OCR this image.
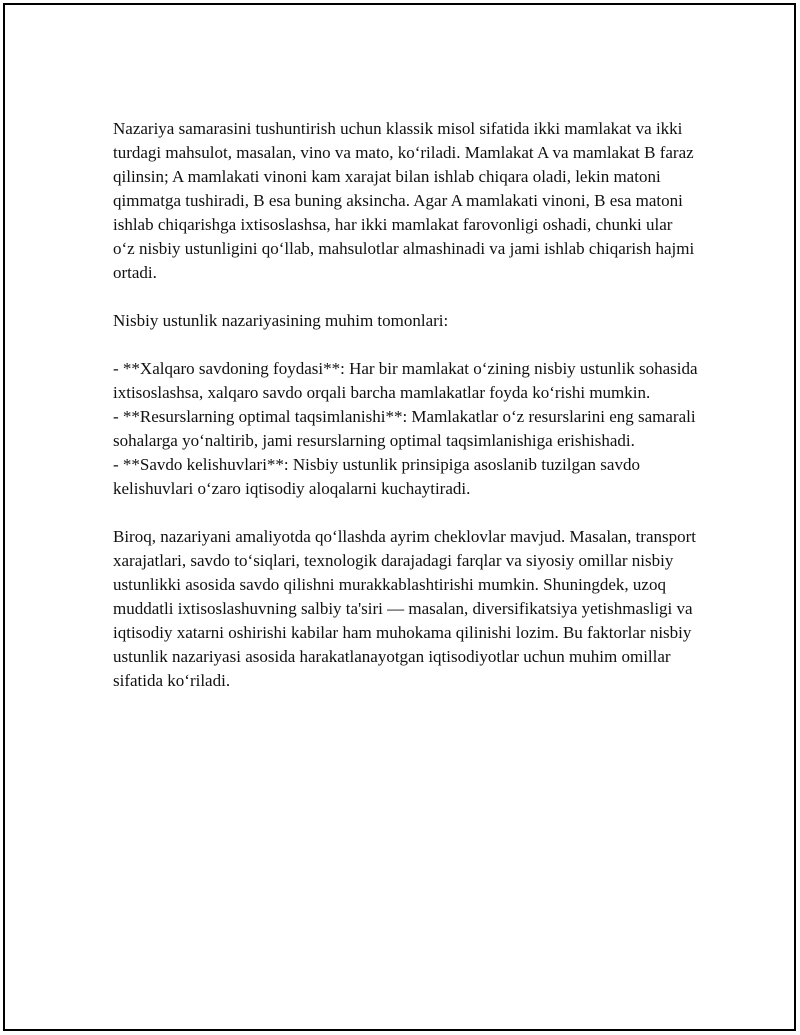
Nazariya samarasini tushuntirish uchun klassik misol sifatida ikki mamlakat va ikki turdagi mahsulot, masalan, vino va mato, koʻriladi. Mamlakat A va mamlakat B faraz qilinsin; A mamlakati vinoni kam xarajat bilan ishlab chiqara oladi, lekin matoni qimmatga tushiradi, B esa buning aksincha. Agar A mamlakati vinoni, B esa matoni ishlab chiqarishga ixtisoslashsa, har ikki mamlakat farovonligi oshadi, chunki ular oʻz nisbiy ustunligini qoʻllab, mahsulotlar almashinadi va jami ishlab chiqarish hajmi ortadi.

Nisbiy ustunlik nazariyasining muhim tomonlari:

- **Xalqaro savdoning foydasi**: Har bir mamlakat oʻzining nisbiy ustunlik sohasida ixtisoslashsa, xalqaro savdo orqali barcha mamlakatlar foyda koʻrishi mumkin.
- **Resurslarning optimal taqsimlanishi**: Mamlakatlar oʻz resurslarini eng samarali sohalarga yoʻnaltirib, jami resurslarning optimal taqsimlanishiga erishishadi.
- **Savdo kelishuvlari**: Nisbiy ustunlik prinsipiga asoslanib tuzilgan savdo kelishuvlari oʻzaro iqtisodiy aloqalarni kuchaytiradi.

Biroq, nazariyani amaliyotda qoʻllashda ayrim cheklovlar mavjud. Masalan, transport xarajatlari, savdo toʻsiqlari, texnologik darajadagi farqlar va siyosiy omillar nisbiy ustunlikki asosida savdo qilishni murakkablashtirishi mumkin. Shuningdek, uzoq muddatli ixtisoslashuvning salbiy ta'siri — masalan, diversifikatsiya yetishmasligi va iqtisodiy xatarni oshirishi kabilar ham muhokama qilinishi lozim. Bu faktorlar nisbiy ustunlik nazariyasi asosida harakatlanayotgan iqtisodiyotlar uchun muhim omillar sifatida koʻriladi.
